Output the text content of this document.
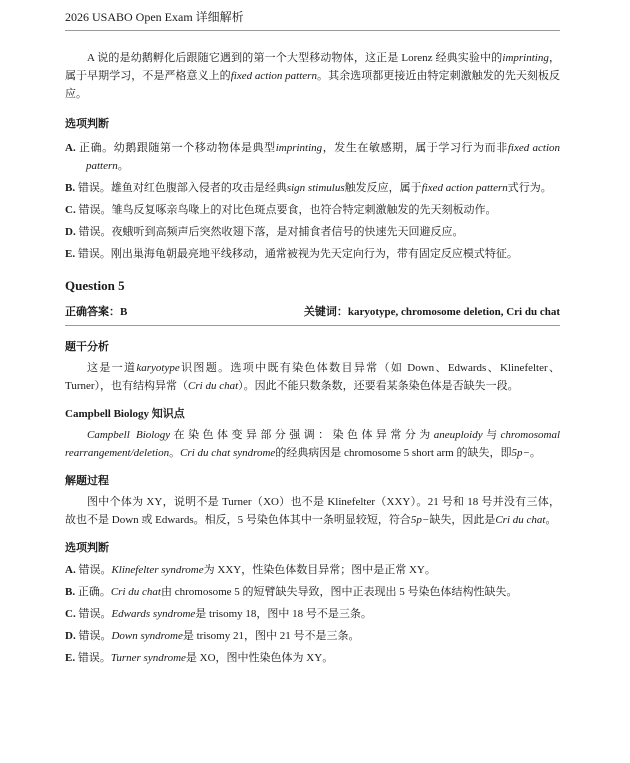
2026 USABO Open Exam 详细解析

A 说的是幼鹅孵化后跟随它遇到的第一个大型移动物体，这正是 Lorenz 经典实验中的imprinting，属于早期学习，不是严格意义上的fixed action pattern。其余选项都更接近由特定刺激触发的先天刻板反应。

选项判断

A. 正确。幼鹅跟随第一个移动物体是典型imprinting，发生在敏感期，属于学习行为而非fixed action pattern。

B. 错误。雄鱼对红色腹部入侵者的攻击是经典sign stimulus触发反应，属于fixed action pattern式行为。

C. 错误。雏鸟反复啄亲鸟喙上的对比色斑点要食，也符合特定刺激触发的先天刻板动作。

D. 错误。夜蛾听到高频声后突然收翅下落，是对捕食者信号的快速先天回避反应。

E. 错误。刚出巢海龟朝最亮地平线移动，通常被视为先天定向行为，带有固定反应模式特征。

Question 5

正确答案：B	关键词：karyotype, chromosome deletion, Cri du chat

题干分析

这是一道karyotype识图题。选项中既有染色体数目异常（如 Down、Edwards、Klinefelter、Turner），也有结构异常（Cri du chat）。因此不能只数条数，还要看某条染色体是否缺失一段。

Campbell Biology 知识点

Campbell Biology在染色体变异部分强调：染色体异常分为aneuploidy与chromosomal rearrangement/deletion。Cri du chat syndrome的经典病因是 chromosome 5 short arm 的缺失，即5p−。

解题过程

图中个体为 XY，说明不是 Turner（XO）也不是 Klinefelter（XXY）。21 号和 18 号并没有三体，故也不是 Down 或 Edwards。相反，5 号染色体其中一条明显较短，符合5p−缺失，因此是Cri du chat。

选项判断

A. 错误。Klinefelter syndrome为 XXY，性染色体数目异常；图中是正常 XY。

B. 正确。Cri du chat由 chromosome 5 的短臂缺失导致，图中正表现出 5 号染色体结构性缺失。

C. 错误。Edwards syndrome是 trisomy 18，图中 18 号不是三条。

D. 错误。Down syndrome是 trisomy 21，图中 21 号不是三条。

E. 错误。Turner syndrome是 XO，图中性染色体为 XY。
